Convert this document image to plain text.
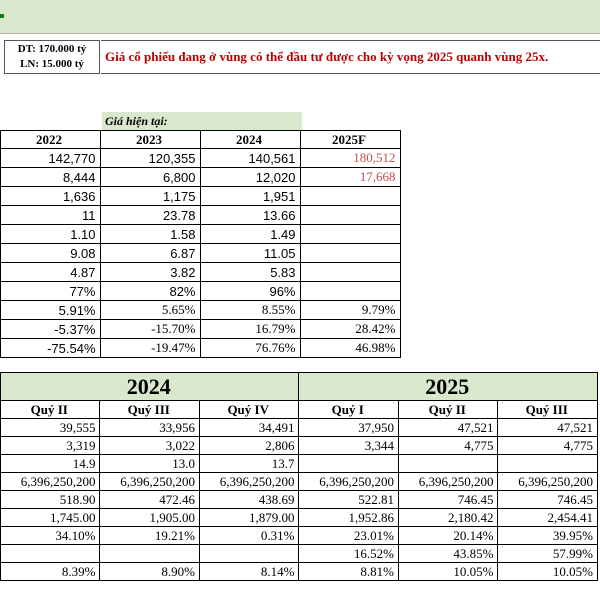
DT: 170.000 tỷ
LN: 15.000 tỷ	Giá cổ phiếu đang ở vùng có thể đầu tư được cho kỳ vọng 2025 quanh vùng 25x.
Giá hiện tại:
	2022	2023	2024	2025F
	142,770	120,355	140,561	180,512
	8,444	6,800	12,020	17,668
	1,636	1,175	1,951	
	11	23.78	13.66	
	1.10	1.58	1.49	
	9.08	6.87	11.05	
	4.87	3.82	5.83	
	77%	82%	96%	
	5.91%	5.65%	8.55%	9.79%
	-5.37%	-15.70%	16.79%	28.42%
	-75.54%	-19.47%	76.76%	46.98%
	2024			2025		
	Quý II	Quý III	Quý IV	Quý I	Quý II	Quý III
	39,555	33,956	34,491	37,950	47,521	47,521
	3,319	3,022	2,806	3,344	4,775	4,775
	14.9	13.0	13.7			
	6,396,250,200	6,396,250,200	6,396,250,200	6,396,250,200	6,396,250,200	6,396,250,200
	518.90	472.46	438.69	522.81	746.45	746.45
	1,745.00	1,905.00	1,879.00	1,952.86	2,180.42	2,454.41
	34.10%	19.21%	0.31%	23.01%	20.14%	39.95%
				16.52%	43.85%	57.99%
	8.39%	8.90%	8.14%	8.81%	10.05%	10.05%
